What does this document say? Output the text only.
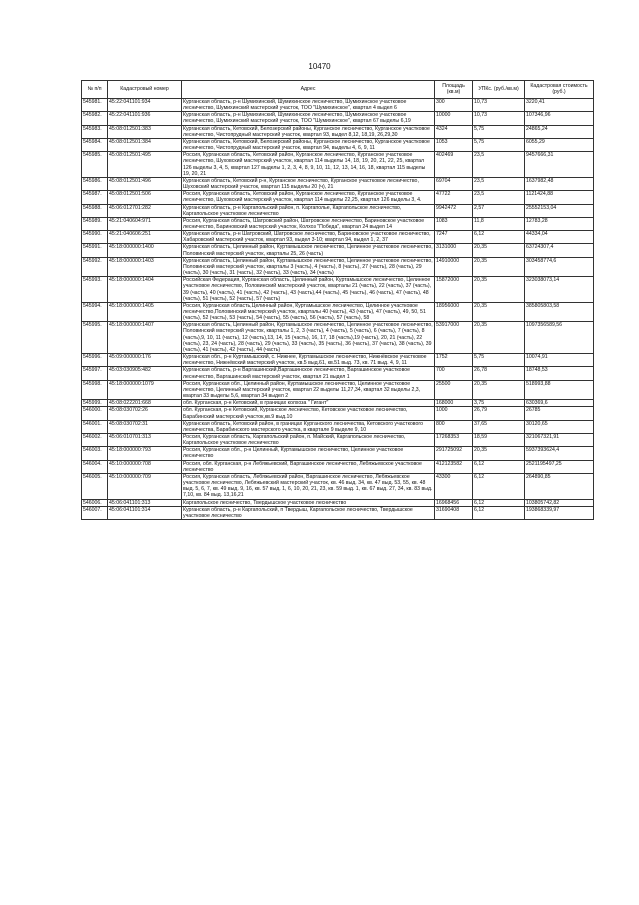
10470
№ п/п	Кадастровый номер	Адрес	Площадь (кв.м)	УПКс. (руб./кв.м)	Кадастровая стоимость (руб.)
545981.	45:22:041101:934	Курганская область, р-н Шумихинский, Шумихинское лесничество, Шумихинское участковое лесничество, Шумихинский мастерский участок, ТОО "Шумихинское", квартал 4 выдел 6	300	10,73	3220,41
545982.	45:22:041101:936	Курганская область, р-н Шумихинский, Шумихинское лесничество, Шумихинское участковое лесничество, Шумихинский мастерский участок, ТОО "Шумихинское", квартал 67 выделы 6,19	10000	10,73	107346,96
545983.	45:08:012501:383	Курганская область, Кетовский, Белозерский районы, Курганское лесничество, Курганское участковое лесничество, Чистопрудный мастерский участок, квартал 93, выдел 8,12, 18,19, 26,29,30	4324	5,75	24865,24
545984.	45:08:012501:384	Курганская область, Кетовский, Белозерский районы, Курганское лесничество, Курганское участковое лесничество, Чистопрудный мастерский участок, квартал 94, выделы 4, 6, 9, 11	1053	5,75	6055,29
545985.	45:08:012501:495	Россия, Курганская область, Кетовский район, Курганское лесничество, Курганское участковое лесничество, Шуховский мастерский участок, квартал 114 выделы 14, 18, 19, 20, 21, 22, 25, квартал 126 выделы 3, 4, 5, квартал 127 выделы 1, 2, 3, 4, 8, 9, 10, 11, 12, 13, 14, 16, 18, квартал 115 выделы 19, 20, 21	402469	23,5	9457666,31
545986.	45:08:012501:496	Курганская область, Кетовский р-н, Курганское лесничество, Курганское участковое лесничество, Шуховский мастерский участок, квартал 115 выделы 20 (ч), 21	69704	23,5	1637982,48
545987.	45:08:012501:506	Россия, Курганская область, Кетовский район, Курганское лесничество, Курганское участковое лесничество, Шуховский мастерский участок, квартал 114 выделы 22,25, квартал 126 выделы 3, 4.	47722	23,5	1121424,88
545988.	45:06:012701:282	Курганская область, р-н Каргапольский район, п. Каргаполье, Каргапольское лесничество, Каргапольское участковое лесничество	9942472	2,57	25552153,04
545989.	45:21:040604:971	Россия, Курганская область, Шатровский район, Шатровское лесничество, Бариновское участковое лесничество, Бариновский мастерский участок, Колхоз "Победа", квартал 24 выдел 14	1083	11,8	12783,28
545990.	45:21:040606:251	Курганская область, р-н Шатровский, Шатровское лесничество, Бариновское участковое лесничество, Хабаровский мастерский участок, квартал 93, выдел 3-10; квартал 94, выдел 1, 2, 37	7247	6,12	44334,04
545991.	45:18:000000:1400	Курганская область, Целинный район, Куртамышское лесничество, Целинное участковое лесничество, Половинский мастерский участок, кварталы 25, 26 (часть)	3131000	20,35	63724307,4
545992.	45:18:000000:1403	Курганская область, Целинный район, Куртамышское лесничество, Целинное участковое лесничество, Половинский мастерский участок, кварталы 3 (часть), 4 (часть), 8 (часть), 27 (часть), 28 (часть), 29 (часть), 30 (часть), 31 (часть), 32 (часть), 33 (часть), 34 (часть)	14910000	20,35	303458774,6
545993.	45:18:000000:1404	Российская Федерация, Курганская область, Целинный район, Куртамышское лесничество, Целинное участковое лесничество, Половинский мастерский участок, кварталы 21 (часть), 22 (часть), 37 (часть), 39 (часть), 40 (часть), 41 (часть), 42 (часть), 43 (часть),44 (часть), 45 (часть), 46 (часть), 47 (часть), 48 (часть), 51 (часть), 52 (часть), 57 (часть)	15872000	20,35	323038073,14
545994.	45:18:000000:1405	Россия, Курганская область,Целинный район, Куртамышское лесничество, Целинное участковое лесничество,Половинский мастерский участок, кварталы 40 (часть), 43 (часть), 47 (часть), 49, 50, 51 (часть), 52 (часть), 53 (часть), 54 (часть), 55 (часть), 56 (часть), 57 (часть), 58	18956000	20,35	385805803,58
545995.	45:18:000000:1407	Курганская область, Целинный район, Куртамышское лесничество, Целинное участковое лесничество, Половинский мастерский участок, кварталы 1, 2, 3 (часть), 4 (часть), 5 (часть), 6 (часть), 7 (часть), 8 (часть),9, 10, 11 (часть), 12 (часть),13, 14, 15 (часть), 16, 17, 18 (часть),19 (часть), 20, 21 (часть), 22 (часть), 23, 24 (часть), 28 (часть), 29 (часть), 33 (часть), 35 (часть), 36 (часть), 37 (часть), 38 (часть), 39 (часть), 41 (часть), 42 (часть), 44 (часть)	53917000	20,35	1097356589,56
545996.	45:09:000000:176	Курганская обл., р-н Куртамышский, с. Нижнее, Куртамышское лесничество, Нижнёвское участковое лесничество, Нижнёвский мастерский участок, кв.5 выд.61, кв.51 выд. 73, кв. 71 выд. 4, 9, 11	1752	5,75	10074,91
545997.	45:03:030905:482	Курганская область, р-н Варгашинский,Варгашинское лесничество, Варгашинское участковое лесничество, Варгашинский мастерский участок, квартал 21 выдел 1	700	26,78	18748,53
545998.	45:18:000000:1079	Россия, Курганская обл., Целинный район, Куртамышское лесничество, Целинное участковое лесничество, Целинный мастерский участок, квартал 22 выделы 11,27,34, квартал 32 выделы 2,3, квартал 33 выделы 5,6, квартал 34 выдел 2	25500	20,35	518993,88
545999.	45:08:022201:668	обл. Курганская, р-н Кетовский, в границах колхоза " Гигант"	168000	3,75	630369,6
546000.	45:08:030702:26	обл. Курганская, р-н Кетовский, Курганское лесничество, Кетовское участковое лесничество, Барабинский мастерский участок,кв.9 выд.10	1000	26,79	26785
546001.	45:08:030702:31	Курганская область, Кетовский район, в границах Курганского лесничества, Кетовского участкового лесничества, Барабинского мастерского участка, в квартале 9 выделе 9, 10	800	37,65	30120,65
546002.	45:06:010701:313	Россия, Курганская область, Каргапольский район, п. Майский, Каргапольское лесничество, Каргапольское участковое лесничество	17268353	18,59	321067321,91
546003.	45:18:000000:793	Россия, Курганская обл., р-н Целинный, Куртамышское лесничество, Целинное участковое лесничество	291725092	20,35	5937393624,4
546004.	45:10:000000:708	Россия, обл. Курганская, р-н Лебяжьевский, Варгашинское лесничество, Лебяжьевское участковое лесничество	412123582	6,12	2521195497,25
546005.	45:10:000000:709	Россия, Курганская область, Лебяжьевский район, Варгашинское лесничество, Лебяжьевское участковое лесничество, Лебяжьевский мастерский участок, кв. 46 выд. 34, кв. 47 выд. 53, 55, кв. 48 выд. 5, 6, 7, кв. 49 выд. 9, 16, кв. 57 выд. 1, 6, 10, 20, 21, 23, кв. 59 выд. 1, кв. 67 выд. 27, 34, кв. 83 выд. 7,10, кв. 84 выд. 13,16,21	43300	6,12	264890,85
546006.	45:06:041101:313	Каргапольское лесничество, Твердышское участковое лесничество	16968456	6,12	103805742,82
546007.	45:06:041101:314	Курганская область, р-н Каргапольский, п Твердыш, Каргапольское лесничество, Твердышское участковое лесничество	31690408	6,12	193868339,97
